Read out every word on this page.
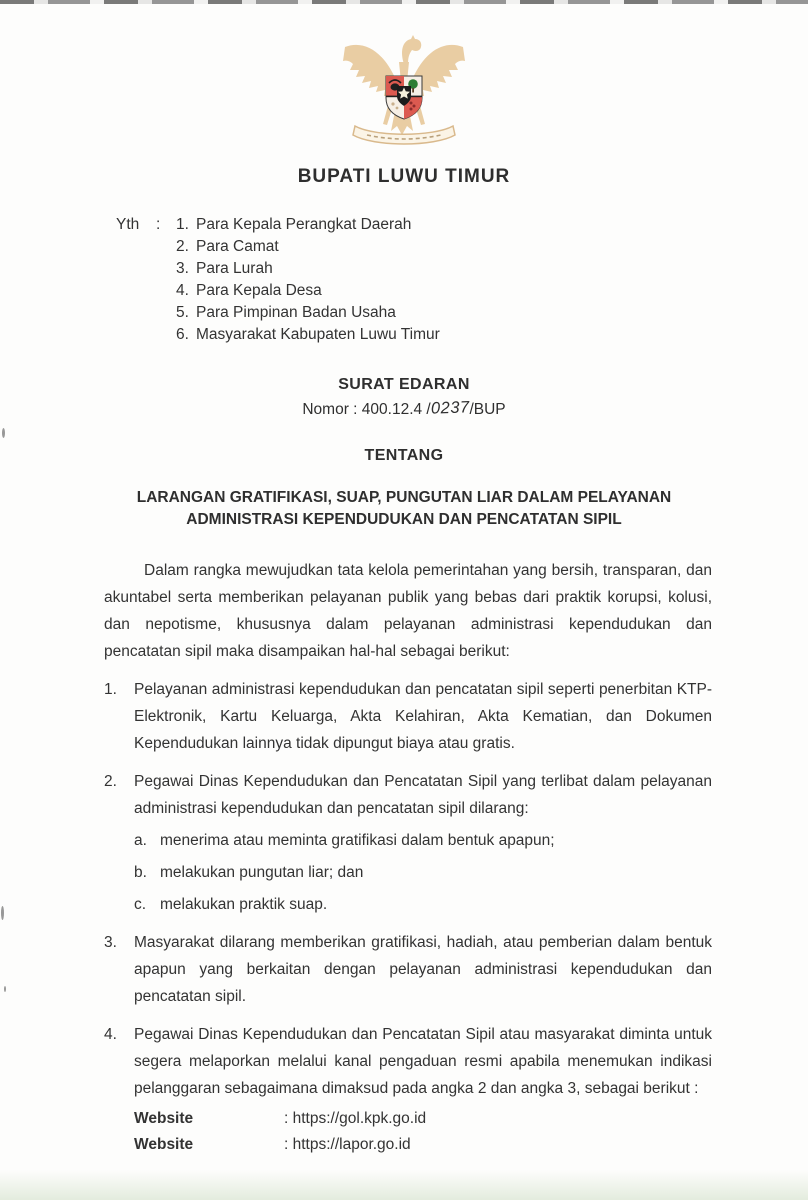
BUPATI LUWU TIMUR
Yth	:	1. Para Kepala Perangkat Daerah
2. Para Camat
3. Para Lurah
4. Para Kepala Desa
5. Para Pimpinan Badan Usaha
6. Masyarakat Kabupaten Luwu Timur
SURAT EDARAN
Nomor : 400.12.4 /0237/BUP
TENTANG
LARANGAN GRATIFIKASI, SUAP, PUNGUTAN LIAR DALAM PELAYANAN
ADMINISTRASI KEPENDUDUKAN DAN PENCATATAN SIPIL

Dalam rangka mewujudkan tata kelola pemerintahan yang bersih, transparan, dan akuntabel serta memberikan pelayanan publik yang bebas dari praktik korupsi, kolusi, dan nepotisme, khususnya dalam pelayanan administrasi kependudukan dan pencatatan sipil maka disampaikan hal-hal sebagai berikut:

1.	Pelayanan administrasi kependudukan dan pencatatan sipil seperti penerbitan KTP-Elektronik, Kartu Keluarga, Akta Kelahiran, Akta Kematian, dan Dokumen Kependudukan lainnya tidak dipungut biaya atau gratis.
2.	Pegawai Dinas Kependudukan dan Pencatatan Sipil yang terlibat dalam pelayanan administrasi kependudukan dan pencatatan sipil dilarang:
a. menerima atau meminta gratifikasi dalam bentuk apapun;
b. melakukan pungutan liar; dan
c. melakukan praktik suap.
3.	Masyarakat dilarang memberikan gratifikasi, hadiah, atau pemberian dalam bentuk apapun yang berkaitan dengan pelayanan administrasi kependudukan dan pencatatan sipil.
4.	Pegawai Dinas Kependudukan dan Pencatatan Sipil atau masyarakat diminta untuk segera melaporkan melalui kanal pengaduan resmi apabila menemukan indikasi pelanggaran sebagaimana dimaksud pada angka 2 dan angka 3, sebagai berikut :
Website	: https://gol.kpk.go.id
Website	: https://lapor.go.id
